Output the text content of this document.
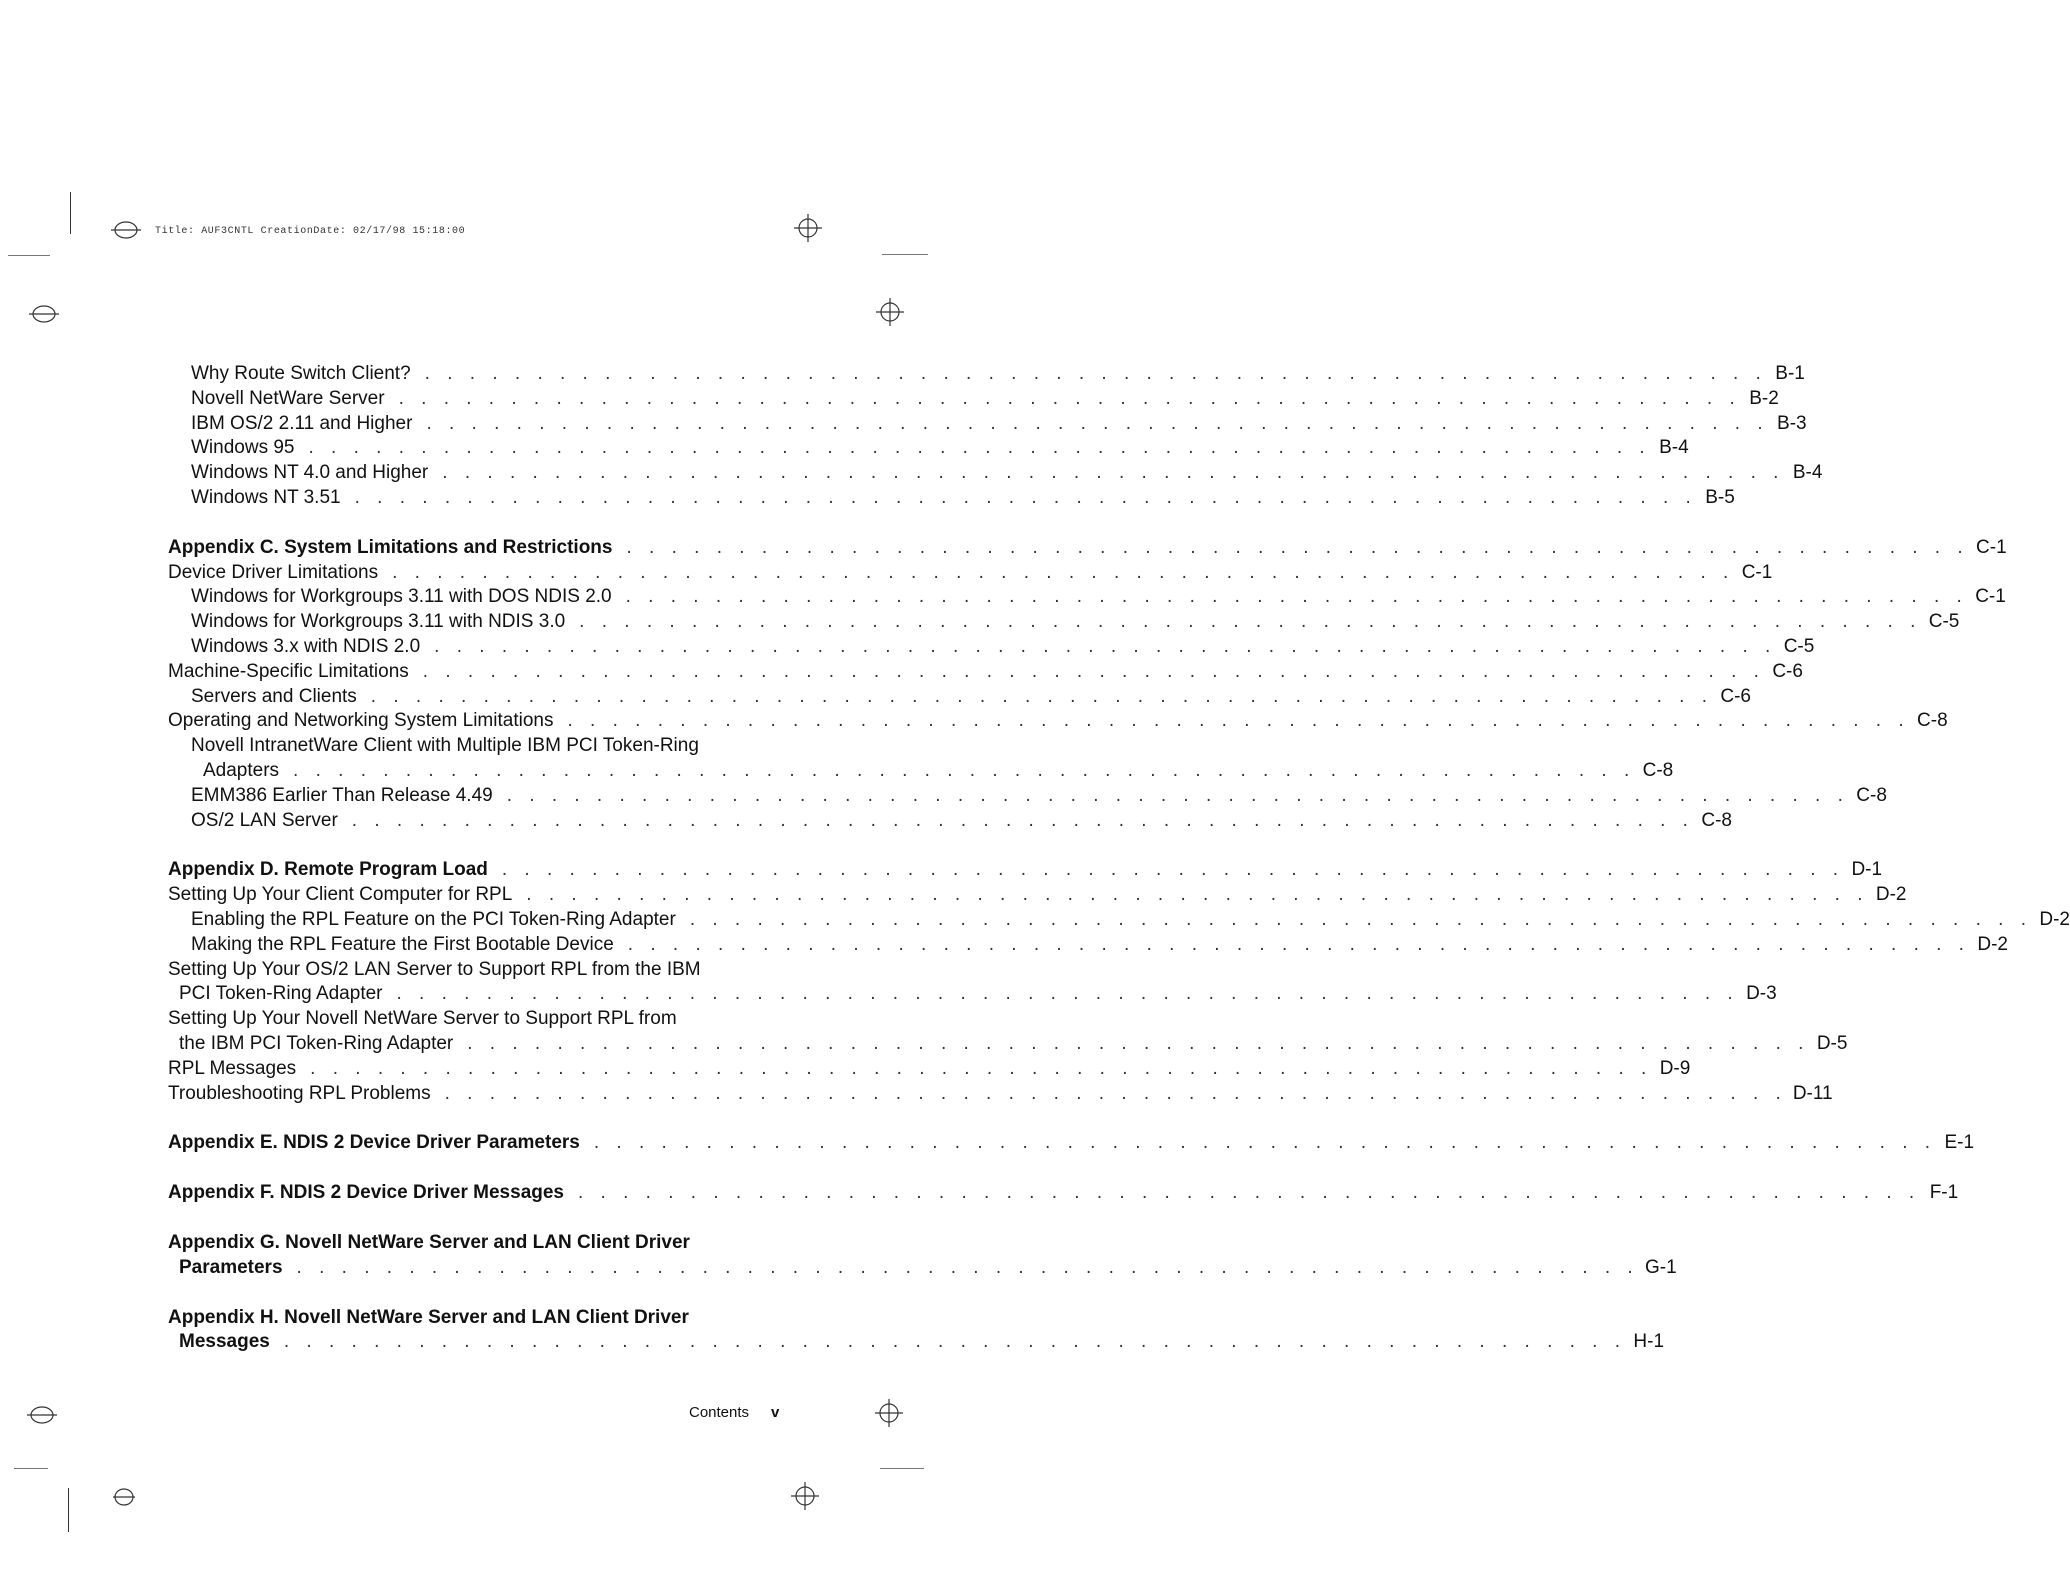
Title: AUF3CNTL CreationDate: 02/17/98 15:18:00
Why Route Switch Client? . . . . . . . . . . . . . . . . . . . . . . . . . . . . . . . . . . . . . . . . . . . . . . . . . . . . . . . . . . . . B-1
Novell NetWare Server . . . . . . . . . . . . . . . . . . . . . . . . . . . . . . . . . . . . . . . . . . . . . . . . . . . . . . . . . . . . B-2
IBM OS/2 2.11 and Higher . . . . . . . . . . . . . . . . . . . . . . . . . . . . . . . . . . . . . . . . . . . . . . . . . . . . . . . . . . . . B-3
Windows 95 . . . . . . . . . . . . . . . . . . . . . . . . . . . . . . . . . . . . . . . . . . . . . . . . . . . . . . . . . . . . B-4
Windows NT 4.0 and Higher . . . . . . . . . . . . . . . . . . . . . . . . . . . . . . . . . . . . . . . . . . . . . . . . . . . . . . . . . . . . B-4
Windows NT 3.51 . . . . . . . . . . . . . . . . . . . . . . . . . . . . . . . . . . . . . . . . . . . . . . . . . . . . . . . . . . . . B-5
Appendix C. System Limitations and Restrictions . . . . . . . . . . . . . . . . . . . . . . . . . . . . . . . . . . . . . . . . . . . . . . . . . . . . . . . . . . . . C-1
Device Driver Limitations . . . . . . . . . . . . . . . . . . . . . . . . . . . . . . . . . . . . . . . . . . . . . . . . . . . . . . . . . . . . C-1
Windows for Workgroups 3.11 with DOS NDIS 2.0 . . . . . . . . . . . . . . . . . . . . . . . . . . . . . . . . . . . . . . . . . . . . . . . . . . . . . . . . . . . . C-1
Windows for Workgroups 3.11 with NDIS 3.0 . . . . . . . . . . . . . . . . . . . . . . . . . . . . . . . . . . . . . . . . . . . . . . . . . . . . . . . . . . . . C-5
Windows 3.x with NDIS 2.0 . . . . . . . . . . . . . . . . . . . . . . . . . . . . . . . . . . . . . . . . . . . . . . . . . . . . . . . . . . . . C-5
Machine-Specific Limitations . . . . . . . . . . . . . . . . . . . . . . . . . . . . . . . . . . . . . . . . . . . . . . . . . . . . . . . . . . . . C-6
Servers and Clients . . . . . . . . . . . . . . . . . . . . . . . . . . . . . . . . . . . . . . . . . . . . . . . . . . . . . . . . . . . . C-6
Operating and Networking System Limitations . . . . . . . . . . . . . . . . . . . . . . . . . . . . . . . . . . . . . . . . . . . . . . . . . . . . . . . . . . . . C-8
Novell IntranetWare Client with Multiple IBM PCI Token-Ring
Adapters . . . . . . . . . . . . . . . . . . . . . . . . . . . . . . . . . . . . . . . . . . . . . . . . . . . . . . . . . . . . C-8
EMM386 Earlier Than Release 4.49 . . . . . . . . . . . . . . . . . . . . . . . . . . . . . . . . . . . . . . . . . . . . . . . . . . . . . . . . . . . . C-8
OS/2 LAN Server . . . . . . . . . . . . . . . . . . . . . . . . . . . . . . . . . . . . . . . . . . . . . . . . . . . . . . . . . . . . C-8
Appendix D. Remote Program Load . . . . . . . . . . . . . . . . . . . . . . . . . . . . . . . . . . . . . . . . . . . . . . . . . . . . . . . . . . . . D-1
Setting Up Your Client Computer for RPL . . . . . . . . . . . . . . . . . . . . . . . . . . . . . . . . . . . . . . . . . . . . . . . . . . . . . . . . . . . . D-2
Enabling the RPL Feature on the PCI Token-Ring Adapter . . . . . . . . . . . . . . . . . . . . . . . . . . . . . . . . . . . . . . . . . . . . . . . . . . . . . . . . . . . . D-2
Making the RPL Feature the First Bootable Device . . . . . . . . . . . . . . . . . . . . . . . . . . . . . . . . . . . . . . . . . . . . . . . . . . . . . . . . . . . . D-2
Setting Up Your OS/2 LAN Server to Support RPL from the IBM
PCI Token-Ring Adapter . . . . . . . . . . . . . . . . . . . . . . . . . . . . . . . . . . . . . . . . . . . . . . . . . . . . . . . . . . . . D-3
Setting Up Your Novell NetWare Server to Support RPL from
the IBM PCI Token-Ring Adapter . . . . . . . . . . . . . . . . . . . . . . . . . . . . . . . . . . . . . . . . . . . . . . . . . . . . . . . . . . . . D-5
RPL Messages . . . . . . . . . . . . . . . . . . . . . . . . . . . . . . . . . . . . . . . . . . . . . . . . . . . . . . . . . . . . D-9
Troubleshooting RPL Problems . . . . . . . . . . . . . . . . . . . . . . . . . . . . . . . . . . . . . . . . . . . . . . . . . . . . . . . . . . . . D-11
Appendix E. NDIS 2 Device Driver Parameters . . . . . . . . . . . . . . . . . . . . . . . . . . . . . . . . . . . . . . . . . . . . . . . . . . . . . . . . . . . . E-1
Appendix F. NDIS 2 Device Driver Messages . . . . . . . . . . . . . . . . . . . . . . . . . . . . . . . . . . . . . . . . . . . . . . . . . . . . . . . . . . . . F-1
Appendix G. Novell NetWare Server and LAN Client Driver
Parameters . . . . . . . . . . . . . . . . . . . . . . . . . . . . . . . . . . . . . . . . . . . . . . . . . . . . . . . . . . . . G-1
Appendix H. Novell NetWare Server and LAN Client Driver
Messages . . . . . . . . . . . . . . . . . . . . . . . . . . . . . . . . . . . . . . . . . . . . . . . . . . . . . . . . . . . . H-1
Contents v
